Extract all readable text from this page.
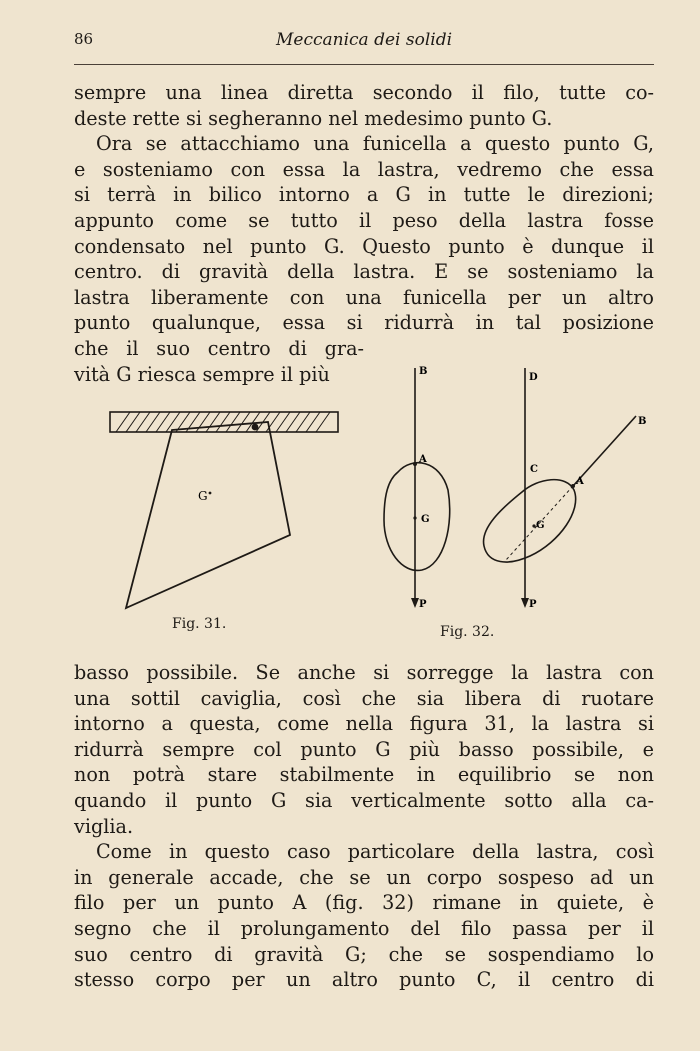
86	Meccanica dei solidi
sempre una linea diretta secondo il filo, tutte co-
deste rette si segheranno nel medesimo punto G.
Ora se attacchiamo una funicella a questo punto G,
e sosteniamo con essa la lastra, vedremo che essa
si terrà in bilico intorno a G in tutte le direzioni;
appunto come se tutto il peso della lastra fosse
condensato nel punto G. Questo punto è dunque il
centro. di gravità della lastra. E se sosteniamo la
lastra liberamente con una funicella per un altro
punto qualunque, essa si ridurrà in tal posizione
che il suo centro di gra-
vità G riesca sempre il più
G
Fig. 31.
B
A
G
P
D
C
B
A
G
P
Fig. 32.
basso possibile. Se anche si sorregge la lastra con
una sottil caviglia, così che sia libera di ruotare
intorno a questa, come nella figura 31, la lastra si
ridurrà sempre col punto G più basso possibile, e
non potrà stare stabilmente in equilibrio se non
quando il punto G sia verticalmente sotto alla ca-
viglia.
Come in questo caso particolare della lastra, così
in generale accade, che se un corpo sospeso ad un
filo per un punto A (fig. 32) rimane in quiete, è
segno che il prolungamento del filo passa per il
suo centro di gravità G; che se sospendiamo lo
stesso corpo per un altro punto C, il centro di
